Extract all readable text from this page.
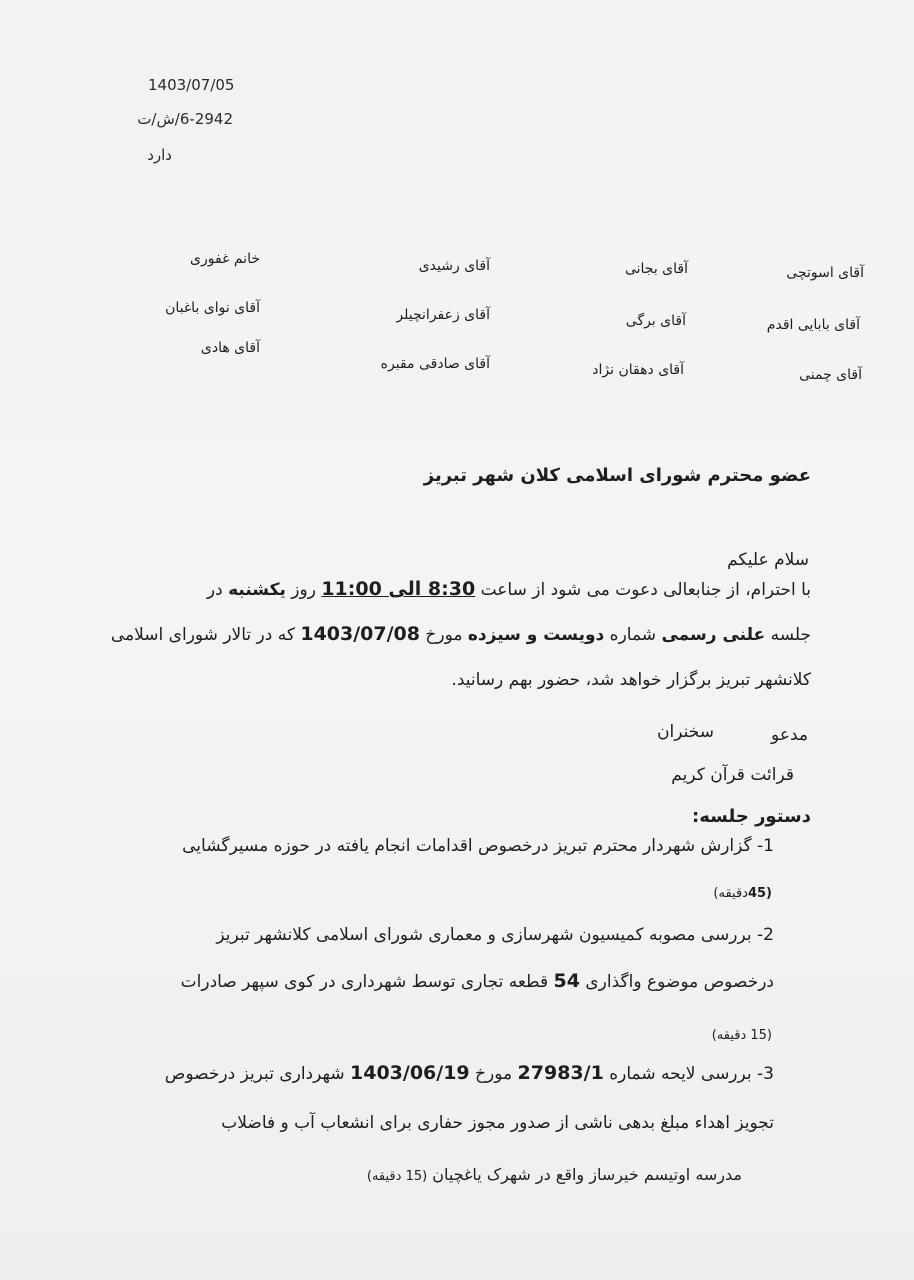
1403/07/05
6-2942/ش/ت
دارد
آقای اسوتچی
آقای بابایی اقدم
آقای چمنی
آقای بجانی
آقای برگی
آقای دهقان نژاد
آقای رشیدی
آقای زعفرانچیلر
آقای صادقی مقبره
خانم غفوری
آقای نوای باغبان
آقای هادی
عضو محترم شورای اسلامی کلان شهر تبریز
سلام علیکم
با احترام، از جنابعالی دعوت می شود از ساعت 8:30 الی 11:00 روز یکشنبه در
جلسه علنی رسمی شماره دویست و سیزده مورخ 1403/07/08 که در تالار شورای اسلامی
کلانشهر تبریز برگزار خواهد شد، حضور بهم رسانید.
مدعو
سخنران
قرائت قرآن کریم
دستور جلسه:
1- گزارش شهردار محترم تبریز درخصوص اقدامات انجام یافته در حوزه مسیرگشایی
(45دقیقه)
2- بررسی مصوبه کمیسیون شهرسازی و معماری شورای اسلامی کلانشهر تبریز
درخصوص موضوع واگذاری 54 قطعه تجاری توسط شهرداری در کوی سپهر صادرات
(15 دقیقه)
3- بررسی لایحه شماره 27983/1 مورخ 1403/06/19 شهرداری تبریز درخصوص
تجویز اهداء مبلغ بدهی ناشی از صدور مجوز حفاری برای انشعاب آب و فاضلاب
مدرسه اوتیسم خیرساز واقع در شهرک یاغچیان (15 دقیقه)
